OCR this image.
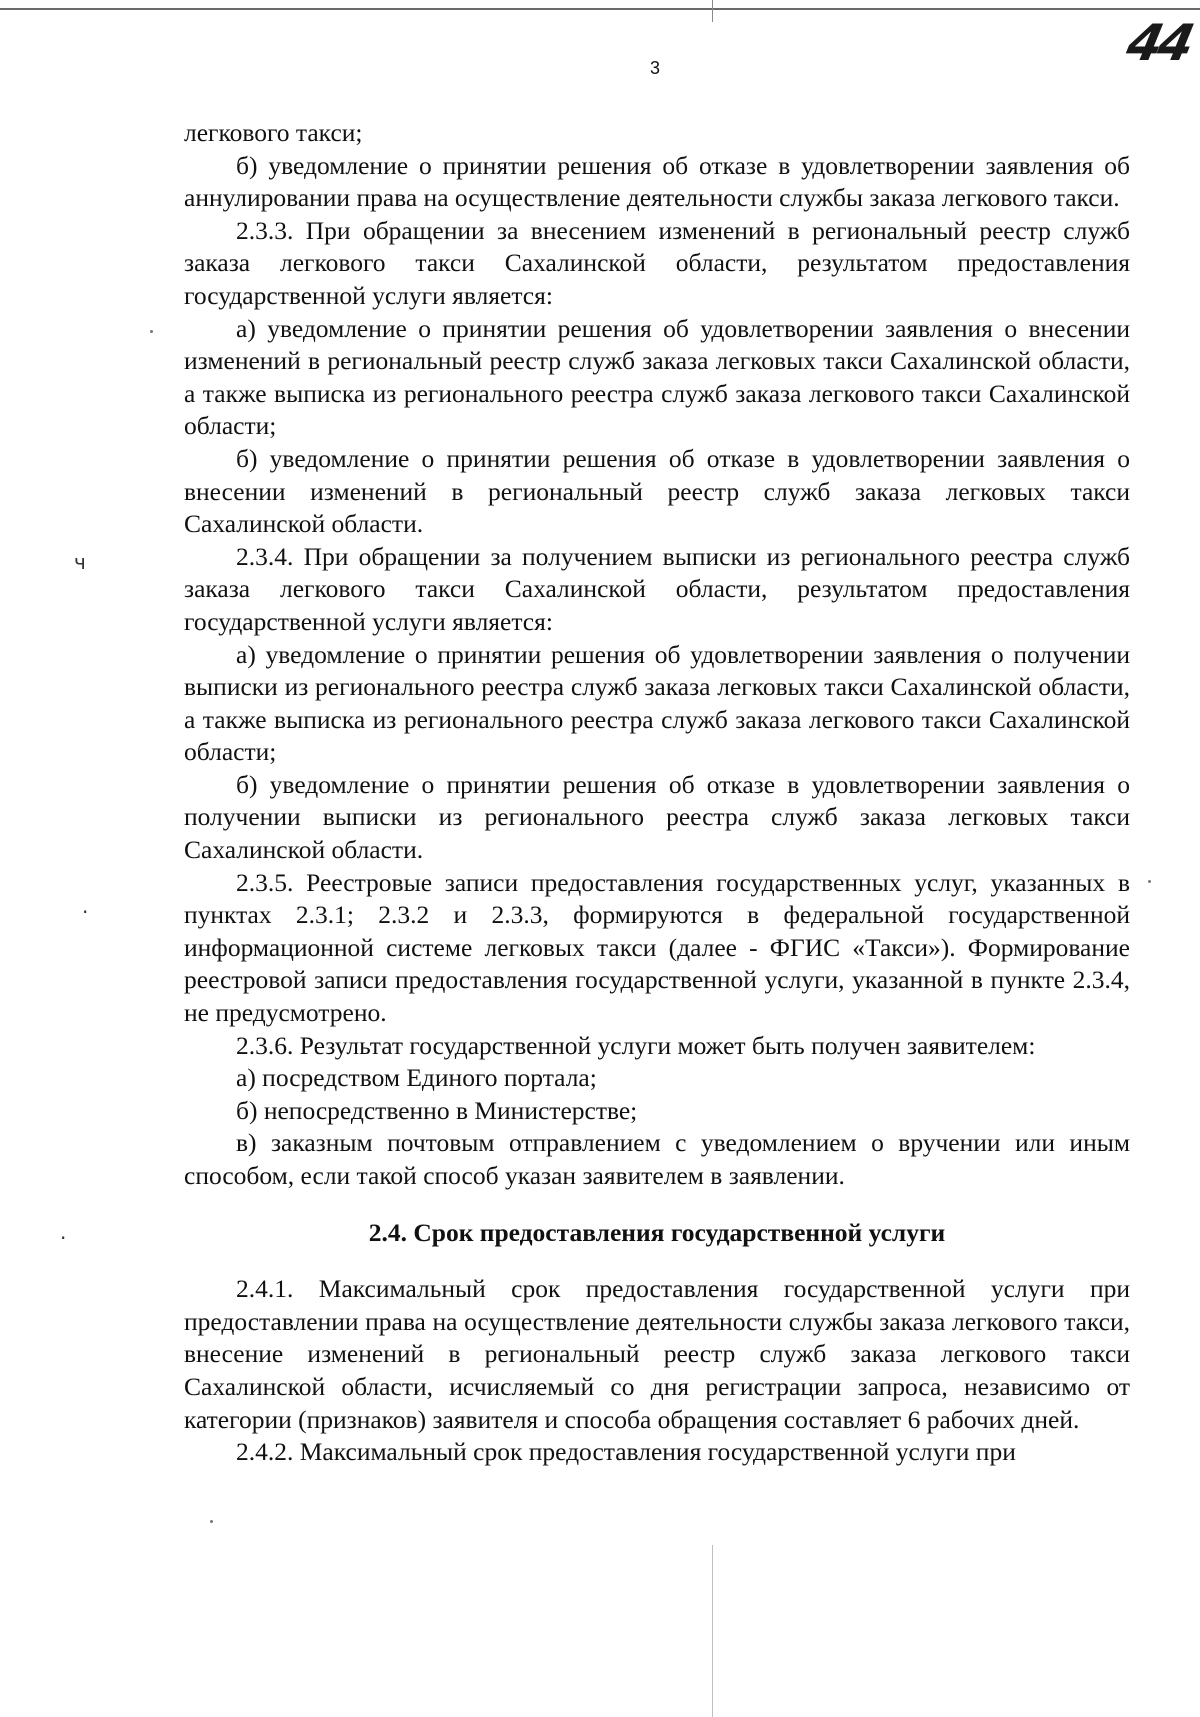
3	44
ч
·
·

легкового такси;

б) уведомление о принятии решения об отказе в удовлетворении заявления об аннулировании права на осуществление деятельности службы заказа легкового такси.

2.3.3. При обращении за внесением изменений в региональный реестр служб заказа легкового такси Сахалинской области, результатом предоставления государственной услуги является:

а) уведомление о принятии решения об удовлетворении заявления о внесении изменений в региональный реестр служб заказа легковых такси Сахалинской области, а также выписка из регионального реестра служб заказа легкового такси Сахалинской области;

б) уведомление о принятии решения об отказе в удовлетворении заявления о внесении изменений в региональный реестр служб заказа легковых такси Сахалинской области.

2.3.4. При обращении за получением выписки из регионального реестра служб заказа легкового такси Сахалинской области, результатом предоставления государственной услуги является:

а) уведомление о принятии решения об удовлетворении заявления о получении выписки из регионального реестра служб заказа легковых такси Сахалинской области, а также выписка из регионального реестра служб заказа легкового такси Сахалинской области;

б) уведомление о принятии решения об отказе в удовлетворении заявления о получении выписки из регионального реестра служб заказа легковых такси Сахалинской области.

2.3.5. Реестровые записи предоставления государственных услуг, указанных в пунктах 2.3.1; 2.3.2 и 2.3.3, формируются в федеральной государственной информационной системе легковых такси (далее - ФГИС «Такси»). Формирование реестровой записи предоставления государственной услуги, указанной в пункте 2.3.4, не предусмотрено.

2.3.6. Результат государственной услуги может быть получен заявителем:

а) посредством Единого портала;

б) непосредственно в Министерстве;

в) заказным почтовым отправлением с уведомлением о вручении или иным способом, если такой способ указан заявителем в заявлении.

2.4. Срок предоставления государственной услуги

2.4.1. Максимальный срок предоставления государственной услуги при предоставлении права на осуществление деятельности службы заказа легкового такси, внесение изменений в региональный реестр служб заказа легкового такси Сахалинской области, исчисляемый со дня регистрации запроса, независимо от категории (признаков) заявителя и способа обращения составляет 6 рабочих дней.

2.4.2. Максимальный срок предоставления государственной услуги при
